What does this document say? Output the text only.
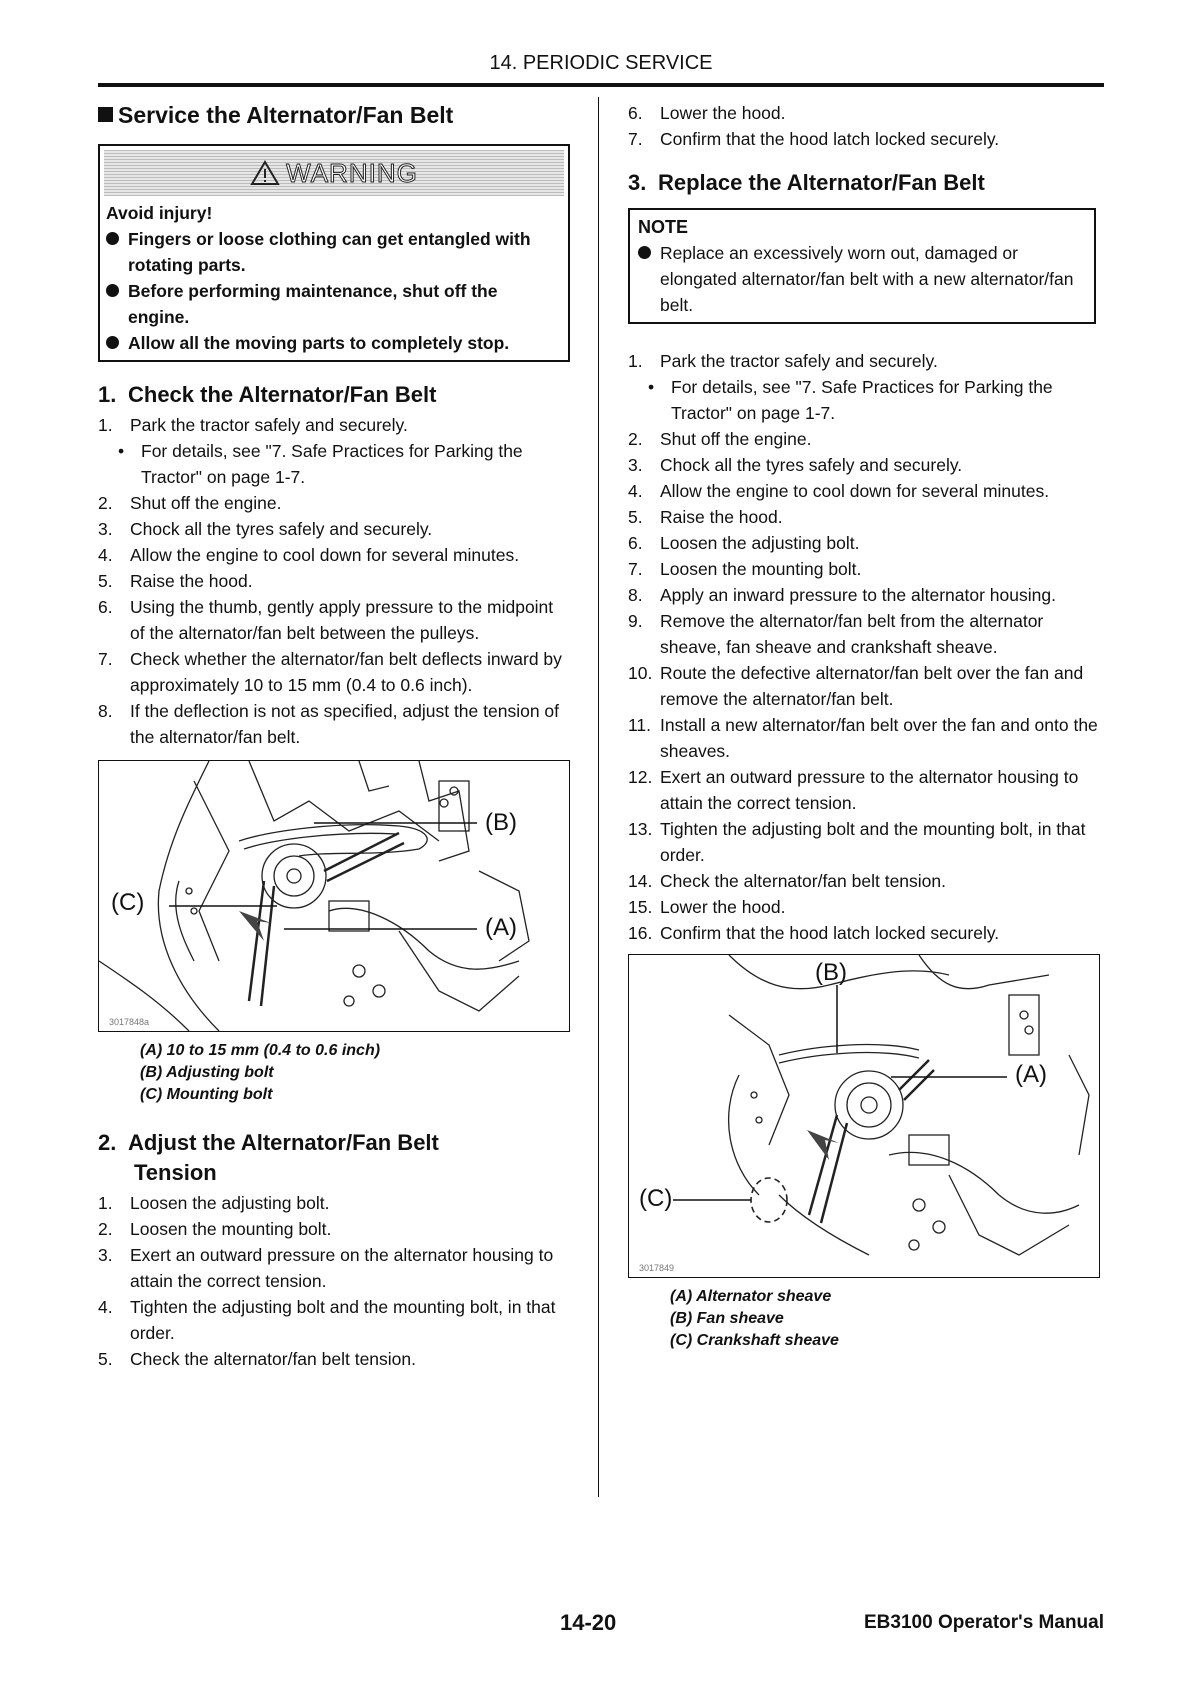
14. PERIODIC SERVICE
Service the Alternator/Fan Belt
WARNING
Avoid injury!
Fingers or loose clothing can get entangled with rotating parts.
Before performing maintenance, shut off the engine.
Allow all the moving parts to completely stop.
1. Check the Alternator/Fan Belt
1. Park the tractor safely and securely.
• For details, see "7. Safe Practices for Parking the Tractor" on page 1-7.
2. Shut off the engine.
3. Chock all the tyres safely and securely.
4. Allow the engine to cool down for several minutes.
5. Raise the hood.
6. Using the thumb, gently apply pressure to the midpoint of the alternator/fan belt between the pulleys.
7. Check whether the alternator/fan belt deflects inward by approximately 10 to 15 mm (0.4 to 0.6 inch).
8. If the deflection is not as specified, adjust the tension of the alternator/fan belt.
(B)
(C)
(A)
3017848a
(A) 10 to 15 mm (0.4 to 0.6 inch)
(B) Adjusting bolt
(C) Mounting bolt
2. Adjust the Alternator/Fan Belt
Tension
1. Loosen the adjusting bolt.
2. Loosen the mounting bolt.
3. Exert an outward pressure on the alternator housing to attain the correct tension.
4. Tighten the adjusting bolt and the mounting bolt, in that order.
5. Check the alternator/fan belt tension.
6. Lower the hood.
7. Confirm that the hood latch locked securely.
3. Replace the Alternator/Fan Belt
NOTE
Replace an excessively worn out, damaged or elongated alternator/fan belt with a new alternator/fan belt.
1. Park the tractor safely and securely.
• For details, see "7. Safe Practices for Parking the Tractor" on page 1-7.
2. Shut off the engine.
3. Chock all the tyres safely and securely.
4. Allow the engine to cool down for several minutes.
5. Raise the hood.
6. Loosen the adjusting bolt.
7. Loosen the mounting bolt.
8. Apply an inward pressure to the alternator housing.
9. Remove the alternator/fan belt from the alternator sheave, fan sheave and crankshaft sheave.
10. Route the defective alternator/fan belt over the fan and remove the alternator/fan belt.
11. Install a new alternator/fan belt over the fan and onto the sheaves.
12. Exert an outward pressure to the alternator housing to attain the correct tension.
13. Tighten the adjusting bolt and the mounting bolt, in that order.
14. Check the alternator/fan belt tension.
15. Lower the hood.
16. Confirm that the hood latch locked securely.
(B)
(A)
(C)
3017849
(A) Alternator sheave
(B) Fan sheave
(C) Crankshaft sheave
14-20	EB3100 Operator's Manual
